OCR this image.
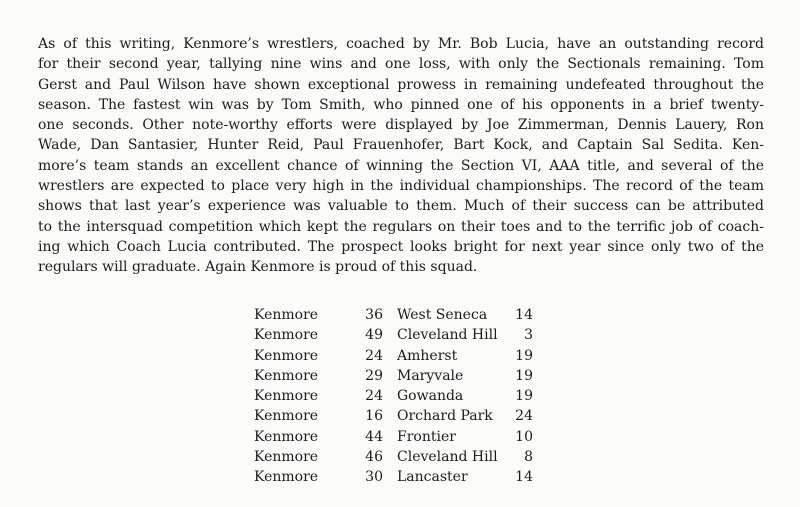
As of this writing, Kenmore’s wrestlers, coached by Mr. Bob Lucia, have an outstanding record
for their second year, tallying nine wins and one loss, with only the Sectionals remaining. Tom
Gerst and Paul Wilson have shown exceptional prowess in remaining undefeated throughout the
season. The fastest win was by Tom Smith, who pinned one of his opponents in a brief twenty-
one seconds. Other note-worthy efforts were displayed by Joe Zimmerman, Dennis Lauery, Ron
Wade, Dan Santasier, Hunter Reid, Paul Frauenhofer, Bart Kock, and Captain Sal Sedita. Ken-
more’s team stands an excellent chance of winning the Section VI, AAA title, and several of the
wrestlers are expected to place very high in the individual championships. The record of the team
shows that last year’s experience was valuable to them. Much of their success can be attributed
to the intersquad competition which kept the regulars on their toes and to the terrific job of coach-
ing which Coach Lucia contributed. The prospect looks bright for next year since only two of the
regulars will graduate. Again Kenmore is proud of this squad.

Kenmore	36	West Seneca	14
Kenmore	49	Cleveland Hill	3
Kenmore	24	Amherst	19
Kenmore	29	Maryvale	19
Kenmore	24	Gowanda	19
Kenmore	16	Orchard Park	24
Kenmore	44	Frontier	10
Kenmore	46	Cleveland Hill	8
Kenmore	30	Lancaster	14
